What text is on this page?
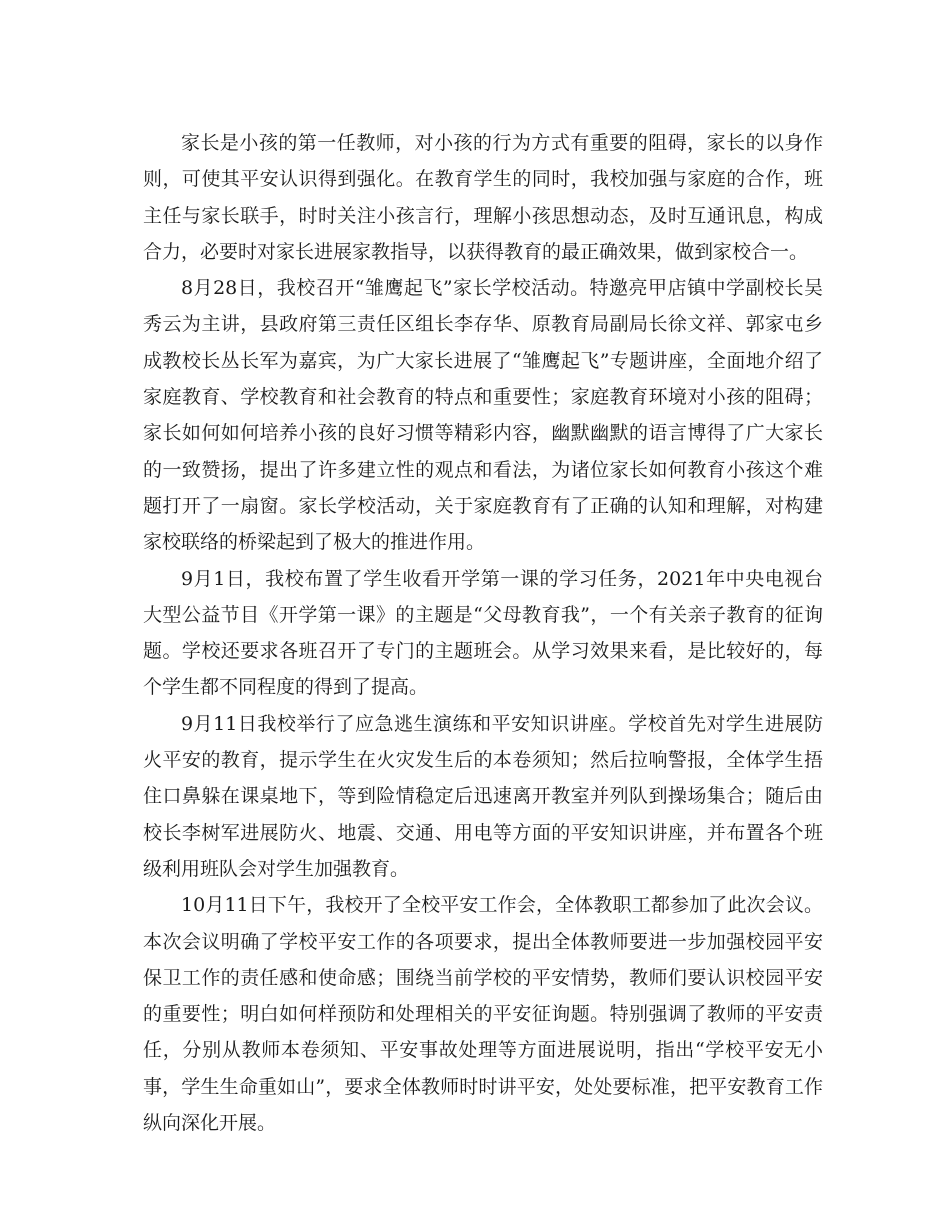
家长是小孩的第一任教师，对小孩的行为方式有重要的阻碍，家长的以身作则，可使其平安认识得到强化。在教育学生的同时，我校加强与家庭的合作，班主任与家长联手，时时关注小孩言行，理解小孩思想动态，及时互通讯息，构成合力，必要时对家长进展家教指导，以获得教育的最正确效果，做到家校合一。

8月28日，我校召开“雏鹰起飞”家长学校活动。特邀亮甲店镇中学副校长吴秀云为主讲，县政府第三责任区组长李存华、原教育局副局长徐文祥、郭家屯乡成教校长丛长军为嘉宾，为广大家长进展了“雏鹰起飞”专题讲座，全面地介绍了家庭教育、学校教育和社会教育的特点和重要性；家庭教育环境对小孩的阻碍；家长如何如何培养小孩的良好习惯等精彩内容，幽默幽默的语言博得了广大家长的一致赞扬，提出了许多建立性的观点和看法，为诸位家长如何教育小孩这个难题打开了一扇窗。家长学校活动，关于家庭教育有了正确的认知和理解，对构建家校联络的桥梁起到了极大的推进作用。

9月1日，我校布置了学生收看开学第一课的学习任务，2021年中央电视台大型公益节目《开学第一课》的主题是“父母教育我”，一个有关亲子教育的征询题。学校还要求各班召开了专门的主题班会。从学习效果来看，是比较好的，每个学生都不同程度的得到了提高。

9月11日我校举行了应急逃生演练和平安知识讲座。学校首先对学生进展防火平安的教育，提示学生在火灾发生后的本卷须知；然后拉响警报，全体学生捂住口鼻躲在课桌地下，等到险情稳定后迅速离开教室并列队到操场集合；随后由校长李树军进展防火、地震、交通、用电等方面的平安知识讲座，并布置各个班级利用班队会对学生加强教育。

10月11日下午，我校开了全校平安工作会，全体教职工都参加了此次会议。本次会议明确了学校平安工作的各项要求，提出全体教师要进一步加强校园平安保卫工作的责任感和使命感；围绕当前学校的平安情势，教师们要认识校园平安的重要性；明白如何样预防和处理相关的平安征询题。特别强调了教师的平安责任，分别从教师本卷须知、平安事故处理等方面进展说明，指出“学校平安无小事，学生生命重如山”，要求全体教师时时讲平安，处处要标准，把平安教育工作纵向深化开展。
